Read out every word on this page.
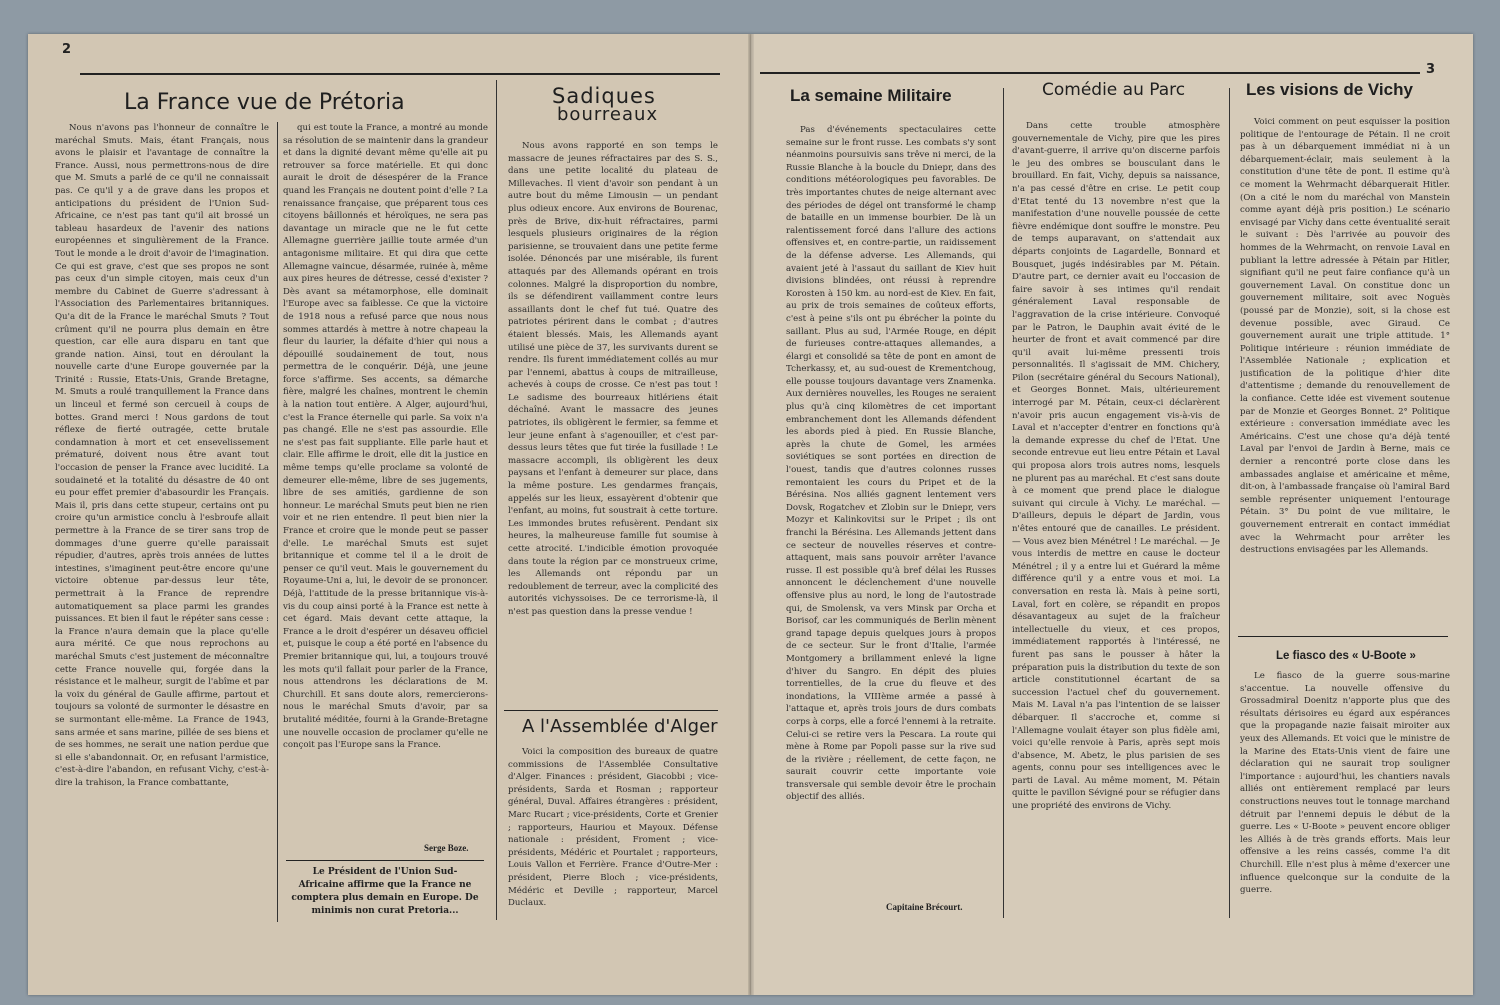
2
3
La France vue de Prétoria

Nous n'avons pas l'honneur de connaître le maréchal Smuts. Mais, étant Français, nous avons le plaisir et l'avantage de connaître la France. Aussi, nous permettrons-nous de dire que M. Smuts a parlé de ce qu'il ne connaissait pas. Ce qu'il y a de grave dans les propos et anticipations du président de l'Union Sud-Africaine, ce n'est pas tant qu'il ait brossé un tableau hasardeux de l'avenir des nations européennes et singulièrement de la France. Tout le monde a le droit d'avoir de l'imagination. Ce qui est grave, c'est que ses propos ne sont pas ceux d'un simple citoyen, mais ceux d'un membre du Cabinet de Guerre s'adressant à l'Association des Parlementaires britanniques. Qu'a dit de la France le maréchal Smuts ? Tout crûment qu'il ne pourra plus demain en être question, car elle aura disparu en tant que grande nation. Ainsi, tout en déroulant la nouvelle carte d'une Europe gouvernée par la Trinité : Russie, Etats-Unis, Grande Bretagne, M. Smuts a roulé tranquillement la France dans un linceul et fermé son cercueil à coups de bottes. Grand merci ! Nous gardons de tout réflexe de fierté outragée, cette brutale condamnation à mort et cet ensevelissement prématuré, doivent nous être avant tout l'occasion de penser la France avec lucidité. La soudaineté et la totalité du désastre de 40 ont eu pour effet premier d'abasourdir les Français. Mais il, pris dans cette stupeur, certains ont pu croire qu'un armistice conclu à l'esbroufe allait permettre à la France de se tirer sans trop de dommages d'une guerre qu'elle paraissait répudier, d'autres, après trois années de luttes intestines, s'imaginent peut-être encore qu'une victoire obtenue par-dessus leur tête, permettrait à la France de reprendre automatiquement sa place parmi les grandes puissances. Et bien il faut le répéter sans cesse : la France n'aura demain que la place qu'elle aura mérité. Ce que nous reprochons au maréchal Smuts c'est justement de méconnaître cette France nouvelle qui, forgée dans la résistance et le malheur, surgit de l'abîme et par la voix du général de Gaulle affirme, partout et toujours sa volonté de surmonter le désastre en se surmontant elle-même. La France de 1943, sans armée et sans marine, pillée de ses biens et de ses hommes, ne serait une nation perdue que si elle s'abandonnait. Or, en refusant l'armistice, c'est-à-dire l'abandon, en refusant Vichy, c'est-à-dire la trahison, la France combattante,

qui est toute la France, a montré au monde sa résolution de se maintenir dans la grandeur et dans la dignité devant même qu'elle ait pu retrouver sa force matérielle. Et qui donc aurait le droit de désespérer de la France quand les Français ne doutent point d'elle ? La renaissance française, que préparent tous ces citoyens bâillonnés et héroïques, ne sera pas davantage un miracle que ne le fut cette Allemagne guerrière jaillie toute armée d'un antagonisme militaire. Et qui dira que cette Allemagne vaincue, désarmée, ruinée à, même aux pires heures de détresse, cessé d'exister ? Dès avant sa métamorphose, elle dominait l'Europe avec sa faiblesse. Ce que la victoire de 1918 nous a refusé parce que nous nous sommes attardés à mettre à notre chapeau la fleur du laurier, la défaite d'hier qui nous a dépouillé soudainement de tout, nous permettra de le conquérir. Déjà, une jeune force s'affirme. Ses accents, sa démarche fière, malgré les chaînes, montrent le chemin à la nation tout entière. A Alger, aujourd'hui, c'est la France éternelle qui parle. Sa voix n'a pas changé. Elle ne s'est pas assourdie. Elle ne s'est pas fait suppliante. Elle parle haut et clair. Elle affirme le droit, elle dit la justice en même temps qu'elle proclame sa volonté de demeurer elle-même, libre de ses jugements, libre de ses amitiés, gardienne de son honneur. Le maréchal Smuts peut bien ne rien voir et ne rien entendre. Il peut bien nier la France et croire que le monde peut se passer d'elle. Le maréchal Smuts est sujet britannique et comme tel il a le droit de penser ce qu'il veut. Mais le gouvernement du Royaume-Uni a, lui, le devoir de se prononcer. Déjà, l'attitude de la presse britannique vis-à-vis du coup ainsi porté à la France est nette à cet égard. Mais devant cette attaque, la France a le droit d'espérer un désaveu officiel et, puisque le coup a été porté en l'absence du Premier britannique qui, lui, a toujours trouvé les mots qu'il fallait pour parler de la France, nous attendrons les déclarations de M. Churchill. Et sans doute alors, remercierons-nous le maréchal Smuts d'avoir, par sa brutalité méditée, fourni à la Grande-Bretagne une nouvelle occasion de proclamer qu'elle ne conçoit pas l'Europe sans la France.

Serge Boze.
Le Président de l'Union Sud-Africaine affirme que la France ne comptera plus demain en Europe. De minimis non curat Pretoria...
Sadiques
bourreaux

Nous avons rapporté en son temps le massacre de jeunes réfractaires par des S. S., dans une petite localité du plateau de Millevaches. Il vient d'avoir son pendant à un autre bout du même Limousin — un pendant plus odieux encore. Aux environs de Bourenac, près de Brive, dix-huit réfractaires, parmi lesquels plusieurs originaires de la région parisienne, se trouvaient dans une petite ferme isolée. Dénoncés par une misérable, ils furent attaqués par des Allemands opérant en trois colonnes. Malgré la disproportion du nombre, ils se défendirent vaillamment contre leurs assaillants dont le chef fut tué. Quatre des patriotes périrent dans le combat ; d'autres étaient blessés. Mais, les Allemands ayant utilisé une pièce de 37, les survivants durent se rendre. Ils furent immédiatement collés au mur par l'ennemi, abattus à coups de mitrailleuse, achevés à coups de crosse. Ce n'est pas tout ! Le sadisme des bourreaux hitlériens était déchaîné. Avant le massacre des jeunes patriotes, ils obligèrent le fermier, sa femme et leur jeune enfant à s'agenouiller, et c'est par-dessus leurs têtes que fut tirée la fusillade ! Le massacre accompli, ils obligèrent les deux paysans et l'enfant à demeurer sur place, dans la même posture. Les gendarmes français, appelés sur les lieux, essayèrent d'obtenir que l'enfant, au moins, fut soustrait à cette torture. Les immondes brutes refusèrent. Pendant six heures, la malheureuse famille fut soumise à cette atrocité. L'indicible émotion provoquée dans toute la région par ce monstrueux crime, les Allemands ont répondu par un redoublement de terreur, avec la complicité des autorités vichyssoises. De ce terrorisme-là, il n'est pas question dans la presse vendue !

A l'Assemblée d'Alger

Voici la composition des bureaux de quatre commissions de l'Assemblée Consultative d'Alger. Finances : président, Giacobbi ; vice-présidents, Sarda et Rosman ; rapporteur général, Duval. Affaires étrangères : président, Marc Rucart ; vice-présidents, Corte et Grenier ; rapporteurs, Hauriou et Mayoux. Défense nationale : président, Froment ; vice-présidents, Médéric et Pourtalet ; rapporteurs, Louis Vallon et Ferrière. France d'Outre-Mer : président, Pierre Bloch ; vice-présidents, Médéric et Deville ; rapporteur, Marcel Duclaux.

La semaine Militaire

Pas d'événements spectaculaires cette semaine sur le front russe. Les combats s'y sont néanmoins poursuivis sans trêve ni merci, de la Russie Blanche à la boucle du Dniepr, dans des conditions météorologiques peu favorables. De très importantes chutes de neige alternant avec des périodes de dégel ont transformé le champ de bataille en un immense bourbier. De là un ralentissement forcé dans l'allure des actions offensives et, en contre-partie, un raidissement de la défense adverse. Les Allemands, qui avaient jeté à l'assaut du saillant de Kiev huit divisions blindées, ont réussi à reprendre Korosten à 150 km. au nord-est de Kiev. En fait, au prix de trois semaines de coûteux efforts, c'est à peine s'ils ont pu ébrécher la pointe du saillant. Plus au sud, l'Armée Rouge, en dépit de furieuses contre-attaques allemandes, a élargi et consolidé sa tête de pont en amont de Tcherkassy, et, au sud-ouest de Krementchoug, elle pousse toujours davantage vers Znamenka. Aux dernières nouvelles, les Rouges ne seraient plus qu'à cinq kilomètres de cet important embranchement dont les Allemands défendent les abords pied à pied. En Russie Blanche, après la chute de Gomel, les armées soviétiques se sont portées en direction de l'ouest, tandis que d'autres colonnes russes remontaient les cours du Pripet et de la Bérésina. Nos alliés gagnent lentement vers Dovsk, Rogatchev et Zlobin sur le Dniepr, vers Mozyr et Kalinkovitsi sur le Pripet ; ils ont franchi la Bérésina. Les Allemands jettent dans ce secteur de nouvelles réserves et contre-attaquent, mais sans pouvoir arrêter l'avance russe. Il est possible qu'à bref délai les Russes annoncent le déclenchement d'une nouvelle offensive plus au nord, le long de l'autostrade qui, de Smolensk, va vers Minsk par Orcha et Borisof, car les communiqués de Berlin mènent grand tapage depuis quelques jours à propos de ce secteur. Sur le front d'Italie, l'armée Montgomery a brillamment enlevé la ligne d'hiver du Sangro. En dépit des pluies torrentielles, de la crue du fleuve et des inondations, la VIIIème armée a passé à l'attaque et, après trois jours de durs combats corps à corps, elle a forcé l'ennemi à la retraite. Celui-ci se retire vers la Pescara. La route qui mène à Rome par Popoli passe sur la rive sud de la rivière ; réellement, de cette façon, ne saurait couvrir cette importante voie transversale qui semble devoir être le prochain objectif des alliés.

Capitaine Brécourt.
Comédie au Parc

Dans cette trouble atmosphère gouvernementale de Vichy, pire que les pires d'avant-guerre, il arrive qu'on discerne parfois le jeu des ombres se bousculant dans le brouillard. En fait, Vichy, depuis sa naissance, n'a pas cessé d'être en crise. Le petit coup d'Etat tenté du 13 novembre n'est que la manifestation d'une nouvelle poussée de cette fièvre endémique dont souffre le monstre. Peu de temps auparavant, on s'attendait aux départs conjoints de Lagardelle, Bonnard et Bousquet, jugés indésirables par M. Pétain. D'autre part, ce dernier avait eu l'occasion de faire savoir à ses intimes qu'il rendait généralement Laval responsable de l'aggravation de la crise intérieure. Convoqué par le Patron, le Dauphin avait évité de le heurter de front et avait commencé par dire qu'il avait lui-même pressenti trois personnalités. Il s'agissait de MM. Chichery, Pilon (secrétaire général du Secours National), et Georges Bonnet. Mais, ultérieurement interrogé par M. Pétain, ceux-ci déclarèrent n'avoir pris aucun engagement vis-à-vis de Laval et n'accepter d'entrer en fonctions qu'à la demande expresse du chef de l'Etat. Une seconde entrevue eut lieu entre Pétain et Laval qui proposa alors trois autres noms, lesquels ne plurent pas au maréchal. Et c'est sans doute à ce moment que prend place le dialogue suivant qui circule à Vichy. Le maréchal. — D'ailleurs, depuis le départ de Jardin, vous n'êtes entouré que de canailles. Le président. — Vous avez bien Ménétrel ! Le maréchal. — Je vous interdis de mettre en cause le docteur Ménétrel ; il y a entre lui et Guérard la même différence qu'il y a entre vous et moi. La conversation en resta là. Mais à peine sorti, Laval, fort en colère, se répandit en propos désavantageux au sujet de la fraîcheur intellectuelle du vieux, et ces propos, immédiatement rapportés à l'intéressé, ne furent pas sans le pousser à hâter la préparation puis la distribution du texte de son article constitutionnel écartant de sa succession l'actuel chef du gouvernement. Mais M. Laval n'a pas l'intention de se laisser débarquer. Il s'accroche et, comme si l'Allemagne voulait étayer son plus fidèle ami, voici qu'elle renvoie à Paris, après sept mois d'absence, M. Abetz, le plus parisien de ses agents, connu pour ses intelligences avec le parti de Laval. Au même moment, M. Pétain quitte le pavillon Sévigné pour se réfugier dans une propriété des environs de Vichy.

Les visions de Vichy

Voici comment on peut esquisser la position politique de l'entourage de Pétain. Il ne croit pas à un débarquement immédiat ni à un débarquement-éclair, mais seulement à la constitution d'une tête de pont. Il estime qu'à ce moment la Wehrmacht débarquerait Hitler. (On a cité le nom du maréchal von Manstein comme ayant déjà pris position.) Le scénario envisagé par Vichy dans cette éventualité serait le suivant : Dès l'arrivée au pouvoir des hommes de la Wehrmacht, on renvoie Laval en publiant la lettre adressée à Pétain par Hitler, signifiant qu'il ne peut faire confiance qu'à un gouvernement Laval. On constitue donc un gouvernement militaire, soit avec Noguès (poussé par de Monzie), soit, si la chose est devenue possible, avec Giraud. Ce gouvernement aurait une triple attitude. 1° Politique intérieure : réunion immédiate de l'Assemblée Nationale ; explication et justification de la politique d'hier dite d'attentisme ; demande du renouvellement de la confiance. Cette idée est vivement soutenue par de Monzie et Georges Bonnet. 2° Politique extérieure : conversation immédiate avec les Américains. C'est une chose qu'a déjà tenté Laval par l'envoi de Jardin à Berne, mais ce dernier a rencontré porte close dans les ambassades anglaise et américaine et même, dit-on, à l'ambassade française où l'amiral Bard semble représenter uniquement l'entourage Pétain. 3° Du point de vue militaire, le gouvernement entrerait en contact immédiat avec la Wehrmacht pour arrêter les destructions envisagées par les Allemands.

Le fiasco des « U-Boote »

Le fiasco de la guerre sous-marine s'accentue. La nouvelle offensive du Grossadmiral Doenitz n'apporte plus que des résultats dérisoires eu égard aux espérances que la propagande nazie faisait miroiter aux yeux des Allemands. Et voici que le ministre de la Marine des Etats-Unis vient de faire une déclaration qui ne saurait trop souligner l'importance : aujourd'hui, les chantiers navals alliés ont entièrement remplacé par leurs constructions neuves tout le tonnage marchand détruit par l'ennemi depuis le début de la guerre. Les « U-Boote » peuvent encore obliger les Alliés à de très grands efforts. Mais leur offensive a les reins cassés, comme l'a dit Churchill. Elle n'est plus à même d'exercer une influence quelconque sur la conduite de la guerre.
